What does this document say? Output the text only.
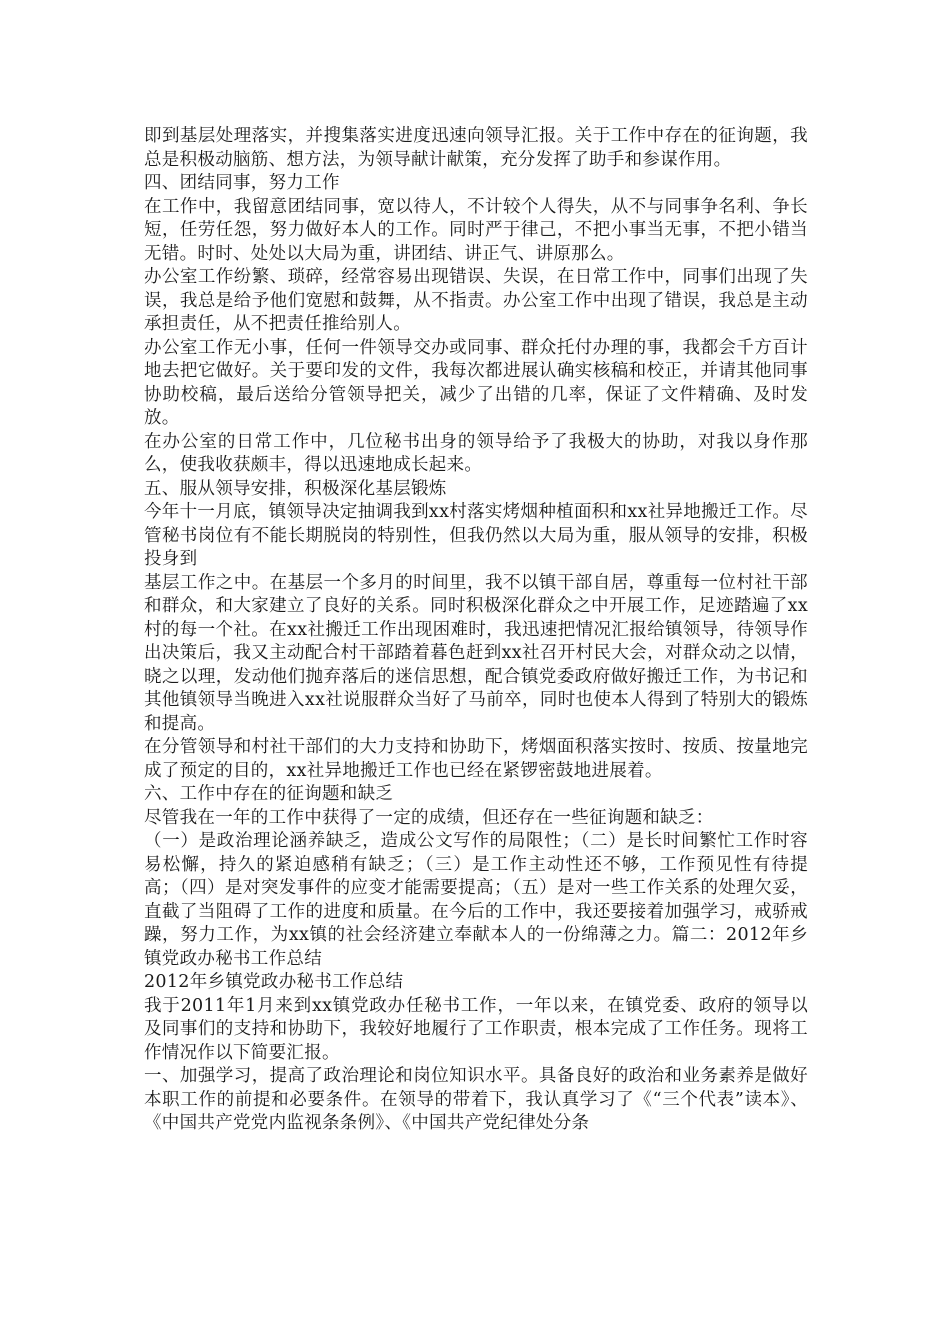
即到基层处理落实，并搜集落实进度迅速向领导汇报。关于工作中存在的征询题，我总是积极动脑筋、想方法，为领导献计献策，充分发挥了助手和参谋作用。

四、团结同事，努力工作

在工作中，我留意团结同事，宽以待人，不计较个人得失，从不与同事争名利、争长短，任劳任怨，努力做好本人的工作。同时严于律己，不把小事当无事，不把小错当无错。时时、处处以大局为重，讲团结、讲正气、讲原那么。

办公室工作纷繁、琐碎，经常容易出现错误、失误，在日常工作中，同事们出现了失误，我总是给予他们宽慰和鼓舞，从不指责。办公室工作中出现了错误，我总是主动承担责任，从不把责任推给别人。

办公室工作无小事，任何一件领导交办或同事、群众托付办理的事，我都会千方百计地去把它做好。关于要印发的文件，我每次都进展认确实核稿和校正，并请其他同事协助校稿，最后送给分管领导把关，减少了出错的几率，保证了文件精确、及时发放。

在办公室的日常工作中，几位秘书出身的领导给予了我极大的协助，对我以身作那么，使我收获颇丰，得以迅速地成长起来。

五、服从领导安排，积极深化基层锻炼

今年十一月底，镇领导决定抽调我到xx村落实烤烟种植面积和xx社异地搬迁工作。尽管秘书岗位有不能长期脱岗的特别性，但我仍然以大局为重，服从领导的安排，积极投身到

基层工作之中。在基层一个多月的时间里，我不以镇干部自居，尊重每一位村社干部和群众，和大家建立了良好的关系。同时积极深化群众之中开展工作，足迹踏遍了xx村的每一个社。在xx社搬迁工作出现困难时，我迅速把情况汇报给镇领导，待领导作出决策后，我又主动配合村干部踏着暮色赶到xx社召开村民大会，对群众动之以情，晓之以理，发动他们抛弃落后的迷信思想，配合镇党委政府做好搬迁工作，为书记和其他镇领导当晚进入xx社说服群众当好了马前卒，同时也使本人得到了特别大的锻炼和提高。

在分管领导和村社干部们的大力支持和协助下，烤烟面积落实按时、按质、按量地完成了预定的目的，xx社异地搬迁工作也已经在紧锣密鼓地进展着。

六、工作中存在的征询题和缺乏

尽管我在一年的工作中获得了一定的成绩，但还存在一些征询题和缺乏：

（一）是政治理论涵养缺乏，造成公文写作的局限性；（二）是长时间繁忙工作时容易松懈，持久的紧迫感稍有缺乏；（三）是工作主动性还不够，工作预见性有待提高；（四）是对突发事件的应变才能需要提高；（五）是对一些工作关系的处理欠妥，直截了当阻碍了工作的进度和质量。在今后的工作中，我还要接着加强学习，戒骄戒躁，努力工作，为xx镇的社会经济建立奉献本人的一份绵薄之力。篇二：2012年乡镇党政办秘书工作总结

2012年乡镇党政办秘书工作总结

我于2011年1月来到xx镇党政办任秘书工作，一年以来，在镇党委、政府的领导以及同事们的支持和协助下，我较好地履行了工作职责，根本完成了工作任务。现将工作情况作以下简要汇报。

一、加强学习，提高了政治理论和岗位知识水平。具备良好的政治和业务素养是做好本职工作的前提和必要条件。在领导的带着下，我认真学习了《“三个代表”读本》、《中国共产党党内监视条条例》、《中国共产党纪律处分条
